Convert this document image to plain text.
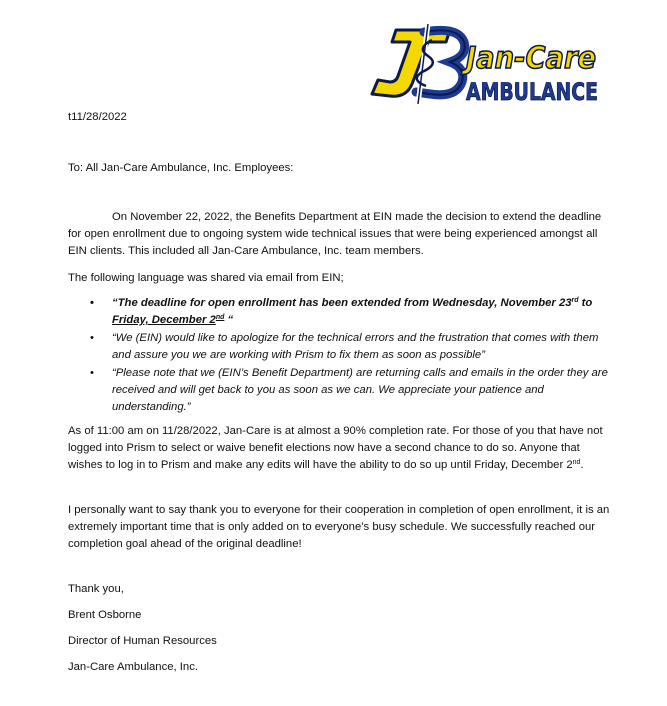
Jan-Care
AMBULANCE
t11/28/2022
To: All Jan-Care Ambulance, Inc. Employees:
On November 22, 2022, the Benefits Department at EIN made the decision to extend the deadline for open enrollment due to ongoing system wide technical issues that were being experienced amongst all EIN clients. This included all Jan-Care Ambulance, Inc. team members.
The following language was shared via email from EIN;
• “The deadline for open enrollment has been extended from Wednesday, November 23rd to Friday, December 2nd “
• “We (EIN) would like to apologize for the technical errors and the frustration that comes with them and assure you we are working with Prism to fix them as soon as possible”
• “Please note that we (EIN’s Benefit Department) are returning calls and emails in the order they are received and will get back to you as soon as we can. We appreciate your patience and understanding.”
As of 11:00 am on 11/28/2022, Jan-Care is at almost a 90% completion rate. For those of you that have not logged into Prism to select or waive benefit elections now have a second chance to do so. Anyone that wishes to log in to Prism and make any edits will have the ability to do so up until Friday, December 2nd.
I personally want to say thank you to everyone for their cooperation in completion of open enrollment, it is an extremely important time that is only added on to everyone’s busy schedule. We successfully reached our completion goal ahead of the original deadline!
Thank you,
Brent Osborne
Director of Human Resources
Jan-Care Ambulance, Inc.
